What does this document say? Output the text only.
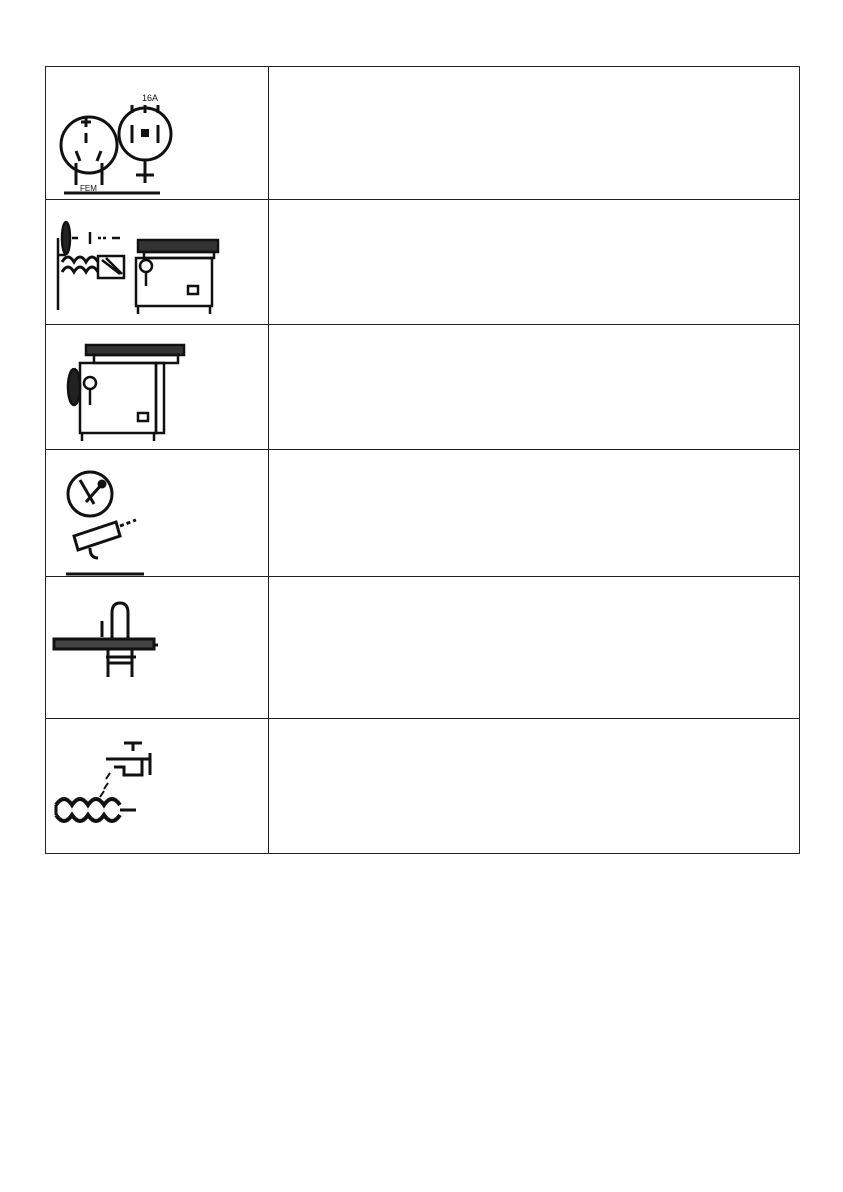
16A
FEM	
